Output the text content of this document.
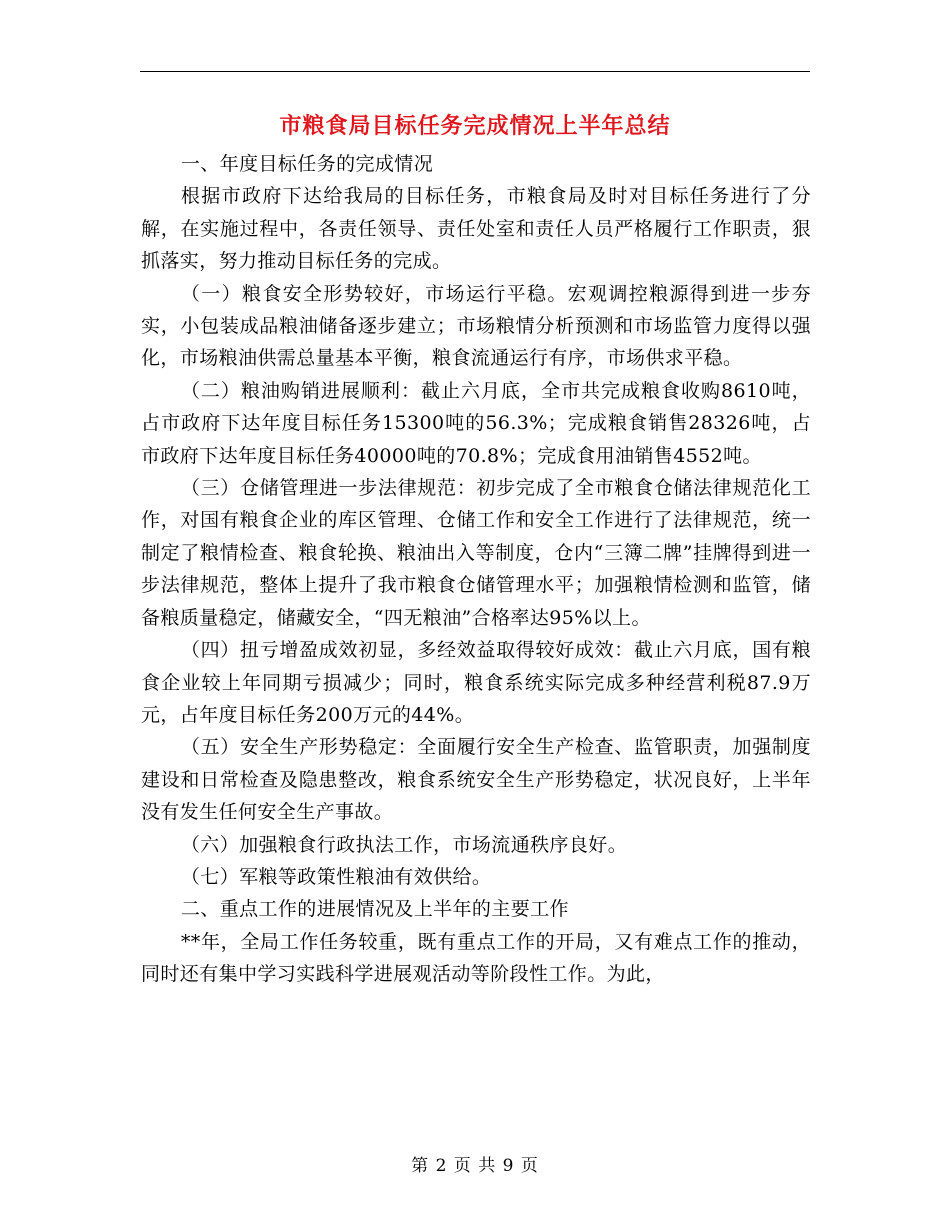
市粮食局目标任务完成情况上半年总结

一、年度目标任务的完成情况

根据市政府下达给我局的目标任务，市粮食局及时对目标任务进行了分解，在实施过程中，各责任领导、责任处室和责任人员严格履行工作职责，狠抓落实，努力推动目标任务的完成。

（一）粮食安全形势较好，市场运行平稳。宏观调控粮源得到进一步夯实，小包装成品粮油储备逐步建立；市场粮情分析预测和市场监管力度得以强化，市场粮油供需总量基本平衡，粮食流通运行有序，市场供求平稳。

（二）粮油购销进展顺利：截止六月底，全市共完成粮食收购8610吨，占市政府下达年度目标任务15300吨的56.3%；完成粮食销售28326吨，占市政府下达年度目标任务40000吨的70.8%；完成食用油销售4552吨。

（三）仓储管理进一步法律规范：初步完成了全市粮食仓储法律规范化工作，对国有粮食企业的库区管理、仓储工作和安全工作进行了法律规范，统一制定了粮情检查、粮食轮换、粮油出入等制度，仓内“三簿二牌”挂牌得到进一步法律规范，整体上提升了我市粮食仓储管理水平；加强粮情检测和监管，储备粮质量稳定，储藏安全，“四无粮油”合格率达95%以上。

（四）扭亏增盈成效初显，多经效益取得较好成效：截止六月底，国有粮食企业较上年同期亏损减少；同时，粮食系统实际完成多种经营利税87.9万元，占年度目标任务200万元的44%。

（五）安全生产形势稳定：全面履行安全生产检查、监管职责，加强制度建设和日常检查及隐患整改，粮食系统安全生产形势稳定，状况良好，上半年没有发生任何安全生产事故。

（六）加强粮食行政执法工作，市场流通秩序良好。

（七）军粮等政策性粮油有效供给。

二、重点工作的进展情况及上半年的主要工作

**年，全局工作任务较重，既有重点工作的开局，又有难点工作的推动，同时还有集中学习实践科学进展观活动等阶段性工作。为此，

第 2 页 共 9 页
